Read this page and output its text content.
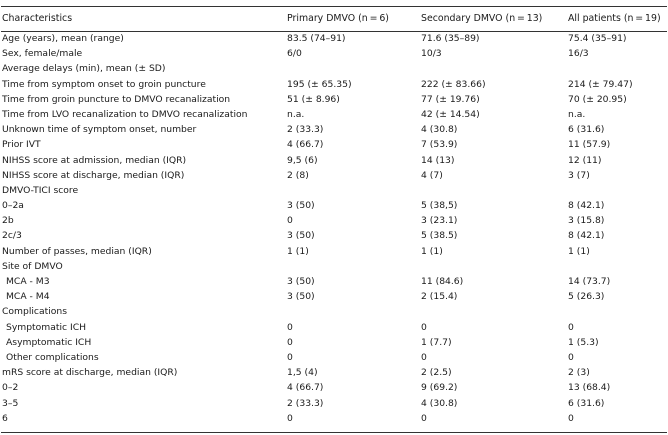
Characteristics	Primary DMVO (n = 6)	Secondary DMVO (n = 13)	All patients (n = 19)
Age (years), mean (range)	83.5 (74–91)	71.6 (35–89)	75.4 (35–91)
Sex, female/male	6/0	10/3	16/3
Average delays (min), mean (± SD)
Time from symptom onset to groin puncture	195 (± 65.35)	222 (± 83.66)	214 (± 79.47)
Time from groin puncture to DMVO recanalization	51 (± 8.96)	77 (± 19.76)	70 (± 20.95)
Time from LVO recanalization to DMVO recanalization	n.a.	42 (± 14.54)	n.a.
Unknown time of symptom onset, number	2 (33.3)	4 (30.8)	6 (31.6)
Prior IVT	4 (66.7)	7 (53.9)	11 (57.9)
NIHSS score at admission, median (IQR)	9,5 (6)	14 (13)	12 (11)
NIHSS score at discharge, median (IQR)	2 (8)	4 (7)	3 (7)
DMVO-TICI score
0–2a	3 (50)	5 (38,5)	8 (42.1)
2b	0	3 (23.1)	3 (15.8)
2c/3	3 (50)	5 (38.5)	8 (42.1)
Number of passes, median (IQR)	1 (1)	1 (1)	1 (1)
Site of DMVO
MCA - M3	3 (50)	11 (84.6)	14 (73.7)
MCA - M4	3 (50)	2 (15.4)	5 (26.3)
Complications
Symptomatic ICH	0	0	0
Asymptomatic ICH	0	1 (7.7)	1 (5.3)
Other complications	0	0	0
mRS score at discharge, median (IQR)	1,5 (4)	2 (2.5)	2 (3)
0–2	4 (66.7)	9 (69.2)	13 (68.4)
3–5	2 (33.3)	4 (30.8)	6 (31.6)
6	0	0	0
